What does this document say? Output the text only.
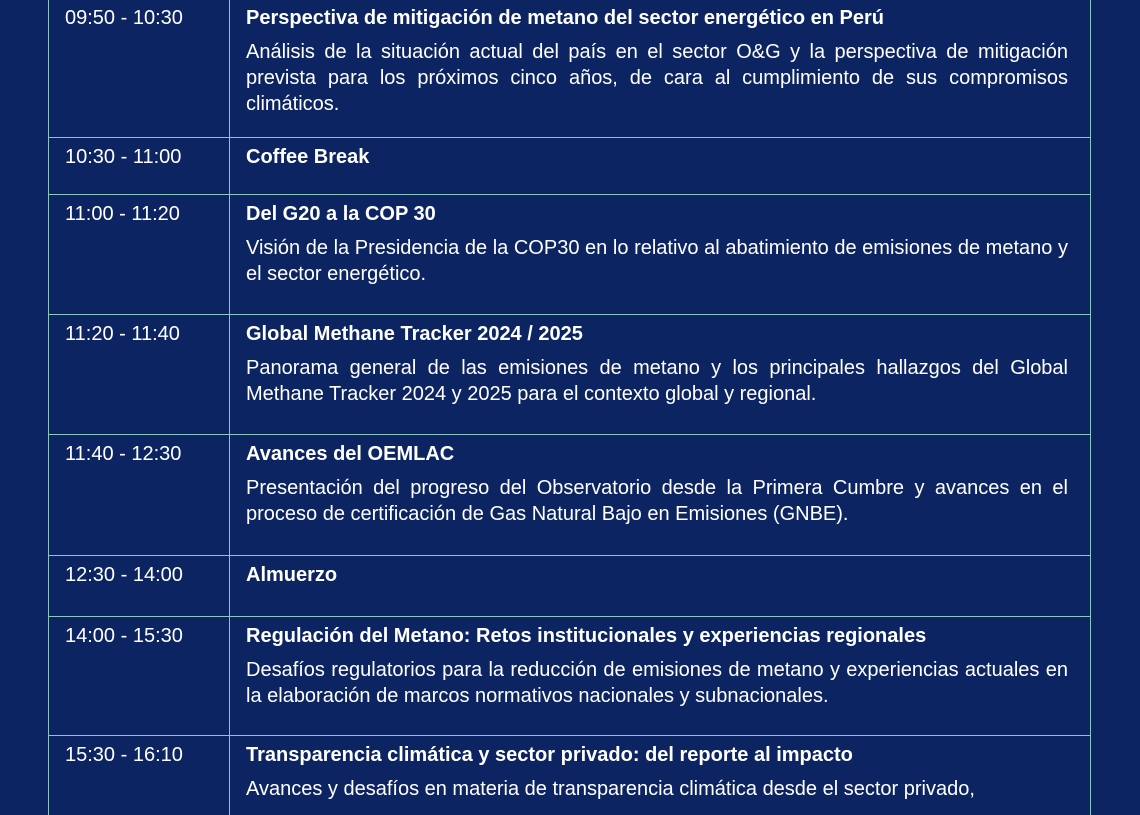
09:50 - 10:30	Perspectiva de mitigación de metano del sector energético en Perú
Análisis de la situación actual del país en el sector O&G y la perspectiva de mitigación prevista para los próximos cinco años, de cara al cumplimiento de sus compromisos climáticos.

10:30 - 11:00	Coffee Break

11:00 - 11:20	Del G20 a la COP 30
Visión de la Presidencia de la COP30 en lo relativo al abatimiento de emisiones de metano y el sector energético.

11:20 - 11:40	Global Methane Tracker 2024 / 2025
Panorama general de las emisiones de metano y los principales hallazgos del Global Methane Tracker 2024 y 2025 para el contexto global y regional.

11:40 - 12:30	Avances del OEMLAC
Presentación del progreso del Observatorio desde la Primera Cumbre y avances en el proceso de certificación de Gas Natural Bajo en Emisiones (GNBE).

12:30 - 14:00	Almuerzo

14:00 - 15:30	Regulación del Metano: Retos institucionales y experiencias regionales
Desafíos regulatorios para la reducción de emisiones de metano y experiencias actuales en la elaboración de marcos normativos nacionales y subnacionales.

15:30 - 16:10	Transparencia climática y sector privado: del reporte al impacto
Avances y desafíos en materia de transparencia climática desde el sector privado,
